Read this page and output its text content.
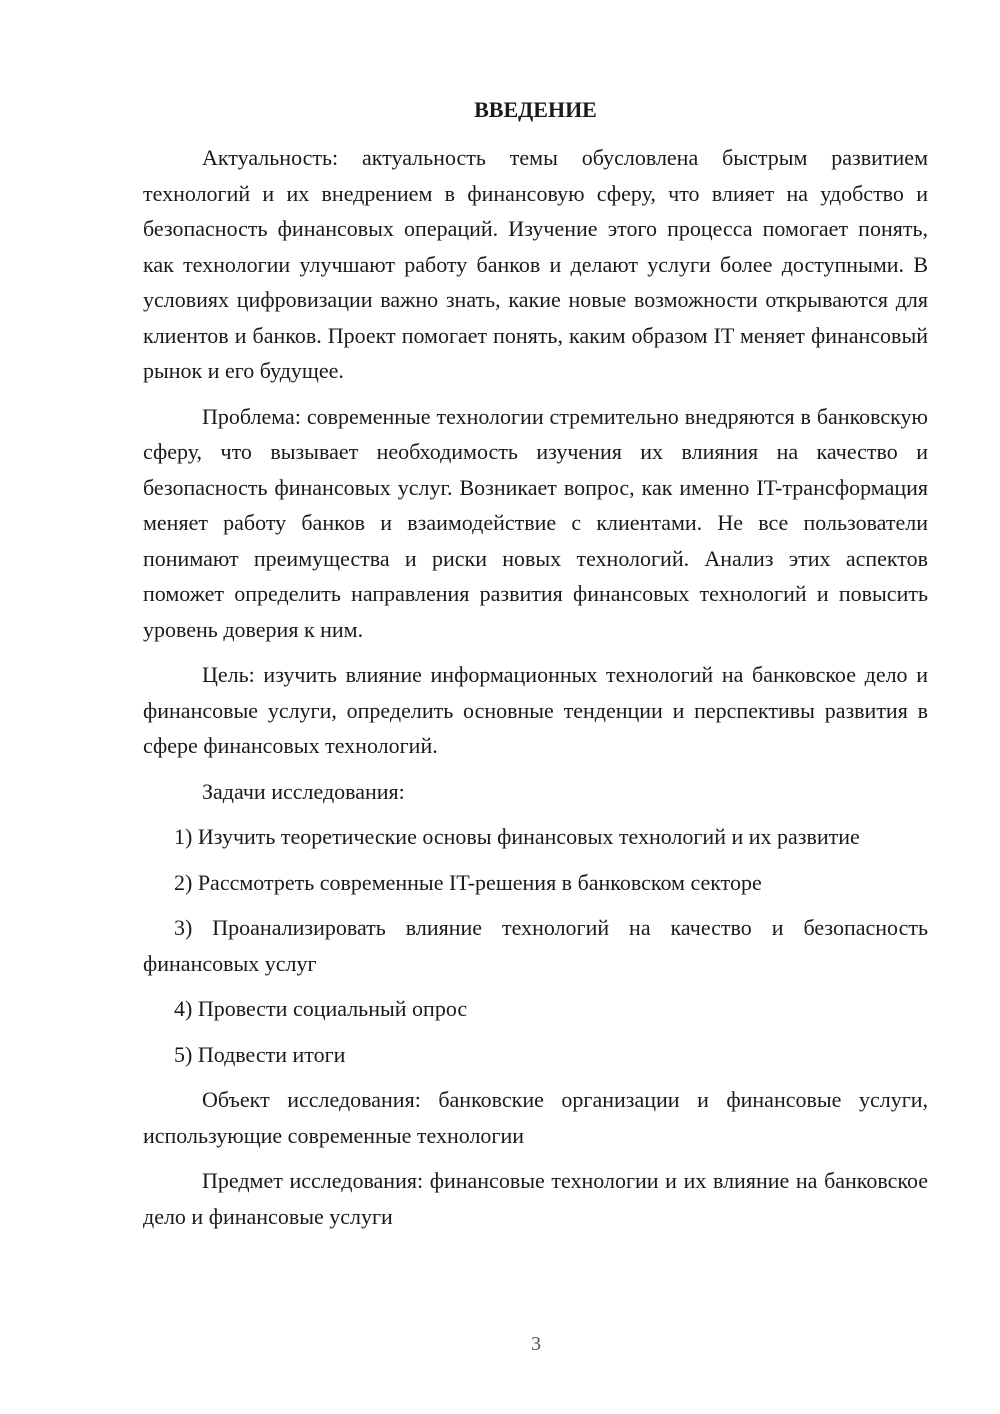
ВВЕДЕНИЕ

Актуальность: актуальность темы обусловлена быстрым развитием технологий и их внедрением в финансовую сферу, что влияет на удобство и безопасность финансовых операций. Изучение этого процесса помогает понять, как технологии улучшают работу банков и делают услуги более доступными. В условиях цифровизации важно знать, какие новые возможности открываются для клиентов и банков. Проект помогает понять, каким образом IT меняет финансовый рынок и его будущее.

Проблема: современные технологии стремительно внедряются в банковскую сферу, что вызывает необходимость изучения их влияния на качество и безопасность финансовых услуг. Возникает вопрос, как именно IT-трансформация меняет работу банков и взаимодействие с клиентами. Не все пользователи понимают преимущества и риски новых технологий. Анализ этих аспектов поможет определить направления развития финансовых технологий и повысить уровень доверия к ним.

Цель: изучить влияние информационных технологий на банковское дело и финансовые услуги, определить основные тенденции и перспективы развития в сфере финансовых технологий.

Задачи исследования:

1) Изучить теоретические основы финансовых технологий и их развитие

2) Рассмотреть современные IT-решения в банковском секторе

3) Проанализировать влияние технологий на качество и безопасность финансовых услуг

4) Провести социальный опрос

5) Подвести итоги

Объект исследования: банковские организации и финансовые услуги, использующие современные технологии

Предмет исследования: финансовые технологии и их влияние на банковское дело и финансовые услуги

3
